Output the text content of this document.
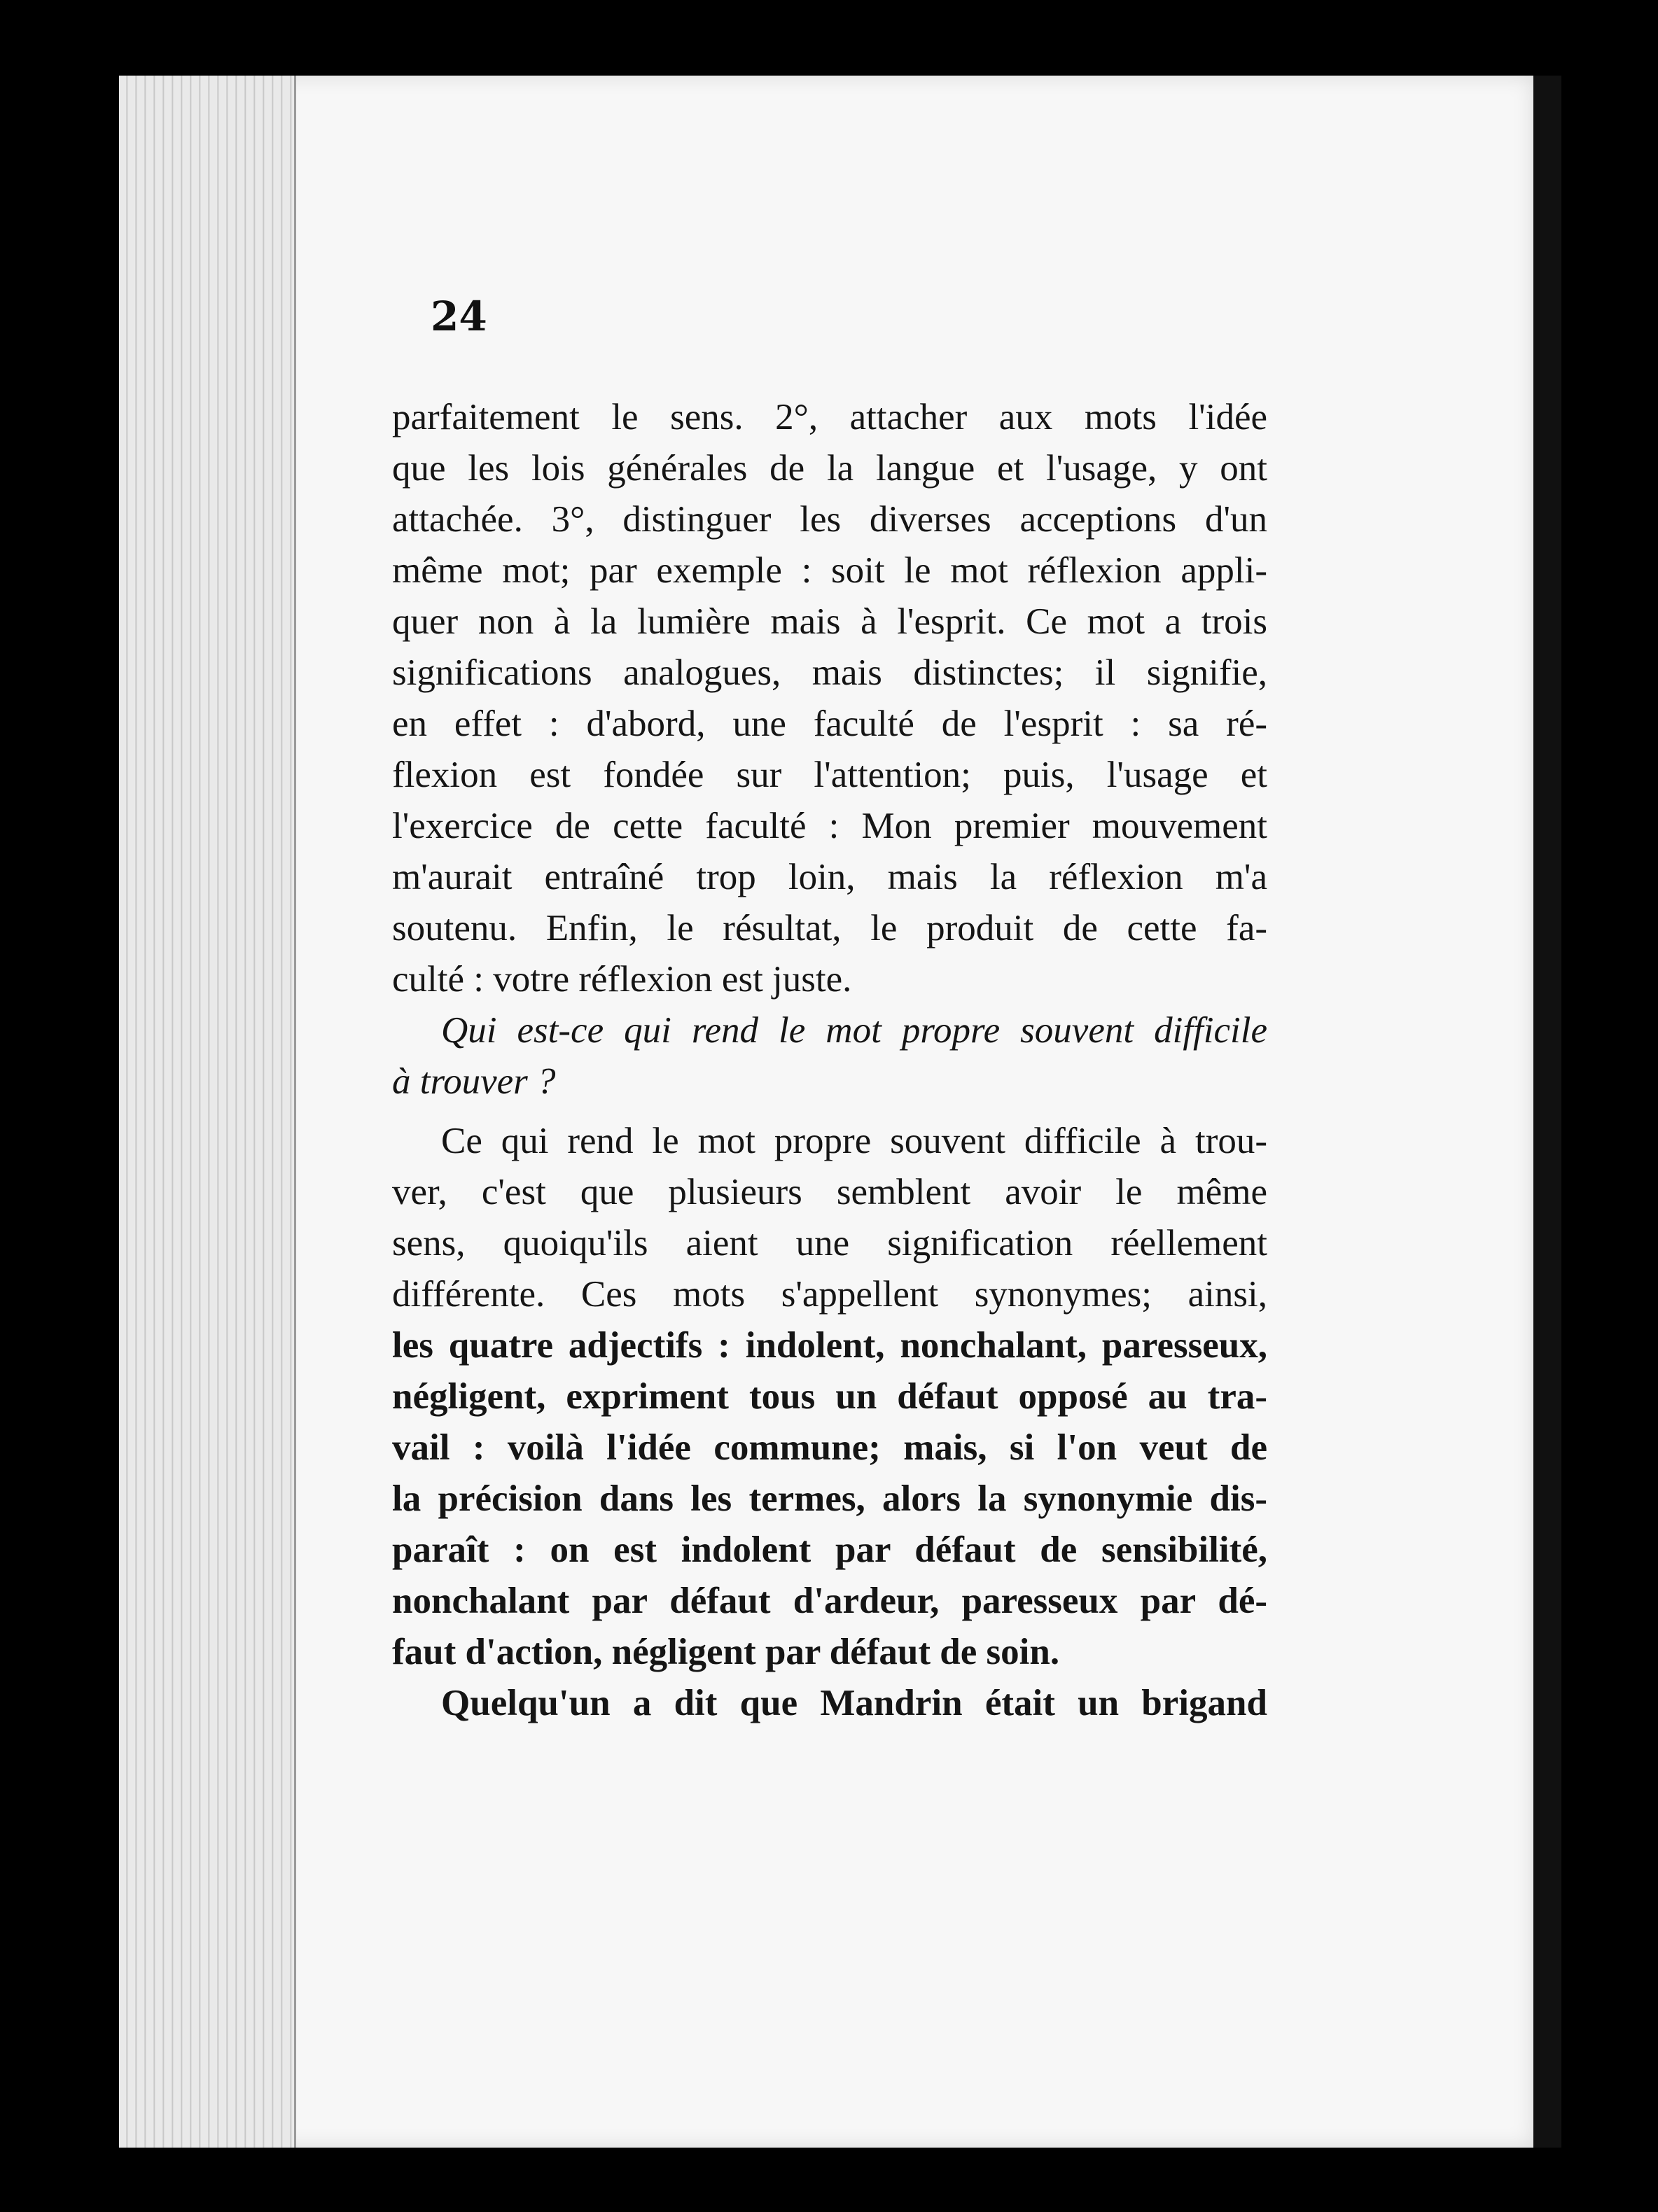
24
parfaitement le sens. 2°, attacher aux mots l'idée
que les lois générales de la langue et l'usage, y ont
attachée. 3°, distinguer les diverses acceptions d'un
même mot; par exemple : soit le mot réflexion appli-
quer non à la lumière mais à l'esprit. Ce mot a trois
significations analogues, mais distinctes; il signifie,
en effet : d'abord, une faculté de l'esprit : sa ré-
flexion est fondée sur l'attention; puis, l'usage et
l'exercice de cette faculté : Mon premier mouvement
m'aurait entraîné trop loin, mais la réflexion m'a
soutenu. Enfin, le résultat, le produit de cette fa-
culté : votre réflexion est juste.
Qui est-ce qui rend le mot propre souvent difficile
à trouver ?
Ce qui rend le mot propre souvent difficile à trou-
ver, c'est que plusieurs semblent avoir le même
sens, quoiqu'ils aient une signification réellement
différente. Ces mots s'appellent synonymes; ainsi,
les quatre adjectifs : indolent, nonchalant, paresseux,
négligent, expriment tous un défaut opposé au tra-
vail : voilà l'idée commune; mais, si l'on veut de
la précision dans les termes, alors la synonymie dis-
paraît : on est indolent par défaut de sensibilité,
nonchalant par défaut d'ardeur, paresseux par dé-
faut d'action, négligent par défaut de soin.
Quelqu'un a dit que Mandrin était un brigand
